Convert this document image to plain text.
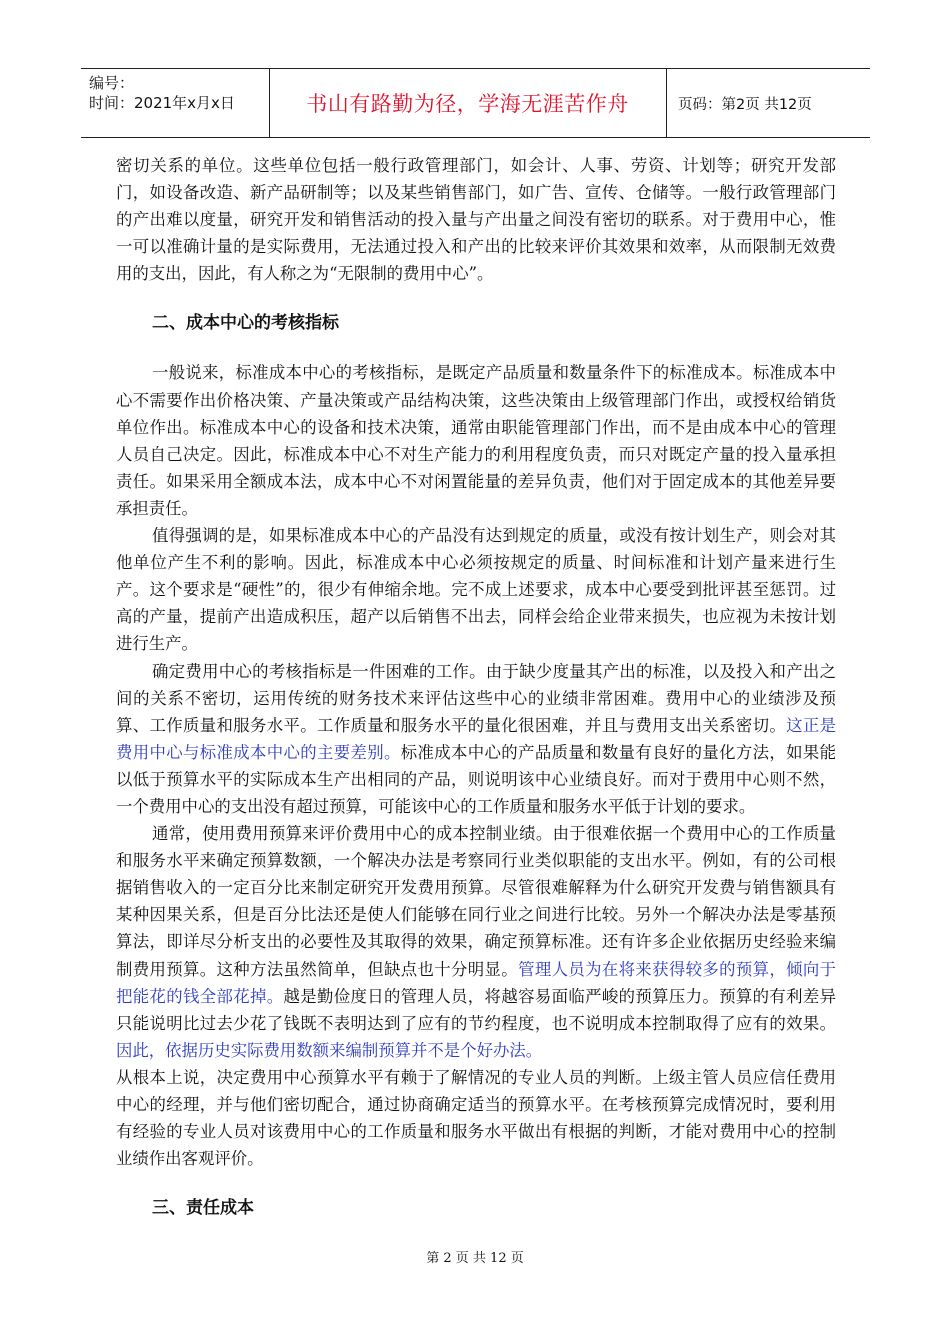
编号：
时间：2021年x月x日	书山有路勤为径，学海无涯苦作舟	页码：第2页 共12页

密切关系的单位。这些单位包括一般行政管理部门，如会计、人事、劳资、计划等；研究开发部门，如设备改造、新产品研制等；以及某些销售部门，如广告、宣传、仓储等。一般行政管理部门的产出难以度量，研究开发和销售活动的投入量与产出量之间没有密切的联系。对于费用中心，惟一可以准确计量的是实际费用，无法通过投入和产出的比较来评价其效果和效率，从而限制无效费用的支出，因此，有人称之为“无限制的费用中心”。

二、成本中心的考核指标

一般说来，标准成本中心的考核指标，是既定产品质量和数量条件下的标准成本。标准成本中心不需要作出价格决策、产量决策或产品结构决策，这些决策由上级管理部门作出，或授权给销货单位作出。标准成本中心的设备和技术决策，通常由职能管理部门作出，而不是由成本中心的管理人员自己决定。因此，标准成本中心不对生产能力的利用程度负责，而只对既定产量的投入量承担责任。如果采用全额成本法，成本中心不对闲置能量的差异负责，他们对于固定成本的其他差异要承担责任。

值得强调的是，如果标准成本中心的产品没有达到规定的质量，或没有按计划生产，则会对其他单位产生不利的影响。因此，标准成本中心必须按规定的质量、时间标准和计划产量来进行生产。这个要求是“硬性”的，很少有伸缩余地。完不成上述要求，成本中心要受到批评甚至惩罚。过高的产量，提前产出造成积压，超产以后销售不出去，同样会给企业带来损失，也应视为未按计划进行生产。

确定费用中心的考核指标是一件困难的工作。由于缺少度量其产出的标准，以及投入和产出之间的关系不密切，运用传统的财务技术来评估这些中心的业绩非常困难。费用中心的业绩涉及预算、工作质量和服务水平。工作质量和服务水平的量化很困难，并且与费用支出关系密切。这正是费用中心与标准成本中心的主要差别。标准成本中心的产品质量和数量有良好的量化方法，如果能以低于预算水平的实际成本生产出相同的产品，则说明该中心业绩良好。而对于费用中心则不然，一个费用中心的支出没有超过预算，可能该中心的工作质量和服务水平低于计划的要求。

通常，使用费用预算来评价费用中心的成本控制业绩。由于很难依据一个费用中心的工作质量和服务水平来确定预算数额，一个解决办法是考察同行业类似职能的支出水平。例如，有的公司根据销售收入的一定百分比来制定研究开发费用预算。尽管很难解释为什么研究开发费与销售额具有某种因果关系，但是百分比法还是使人们能够在同行业之间进行比较。另外一个解决办法是零基预算法，即详尽分析支出的必要性及其取得的效果，确定预算标准。还有许多企业依据历史经验来编制费用预算。这种方法虽然简单，但缺点也十分明显。管理人员为在将来获得较多的预算，倾向于把能花的钱全部花掉。越是勤俭度日的管理人员，将越容易面临严峻的预算压力。预算的有利差异只能说明比过去少花了钱既不表明达到了应有的节约程度，也不说明成本控制取得了应有的效果。因此，依据历史实际费用数额来编制预算并不是个好办法。

从根本上说，决定费用中心预算水平有赖于了解情况的专业人员的判断。上级主管人员应信任费用中心的经理，并与他们密切配合，通过协商确定适当的预算水平。在考核预算完成情况时，要利用有经验的专业人员对该费用中心的工作质量和服务水平做出有根据的判断，才能对费用中心的控制业绩作出客观评价。

三、责任成本
第 2 页 共 12 页
